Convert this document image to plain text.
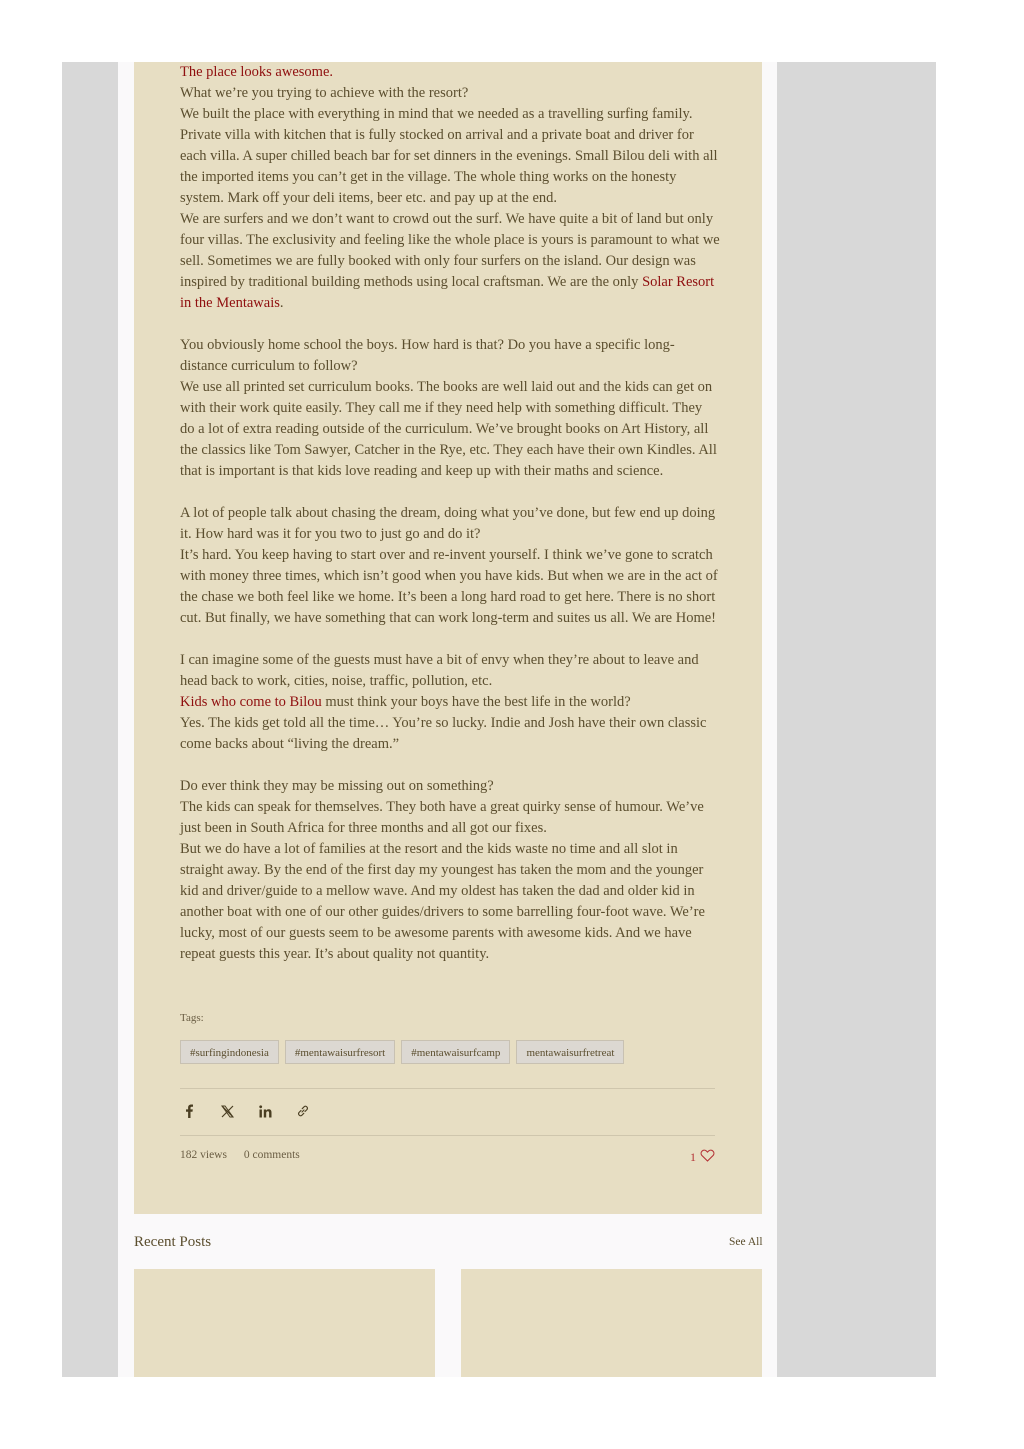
The place looks awesome.

What we’re you trying to achieve with the resort?

We built the place with everything in mind that we needed as a travelling surfing family. Private villa with kitchen that is fully stocked on arrival and a private boat and driver for each villa. A super chilled beach bar for set dinners in the evenings. Small Bilou deli with all the imported items you can’t get in the village. The whole thing works on the honesty system. Mark off your deli items, beer etc. and pay up at the end.

We are surfers and we don’t want to crowd out the surf. We have quite a bit of land but only four villas. The exclusivity and feeling like the whole place is yours is paramount to what we sell. Sometimes we are fully booked with only four surfers on the island. Our design was inspired by traditional building methods using local craftsman. We are the only Solar Resort in the Mentawais.

You obviously home school the boys. How hard is that? Do you have a specific long-distance curriculum to follow?

We use all printed set curriculum books. The books are well laid out and the kids can get on with their work quite easily. They call me if they need help with something difficult. They do a lot of extra reading outside of the curriculum. We’ve brought books on Art History, all the classics like Tom Sawyer, Catcher in the Rye, etc. They each have their own Kindles. All that is important is that kids love reading and keep up with their maths and science.

A lot of people talk about chasing the dream, doing what you’ve done, but few end up doing it. How hard was it for you two to just go and do it?

It’s hard. You keep having to start over and re-invent yourself. I think we’ve gone to scratch with money three times, which isn’t good when you have kids. But when we are in the act of the chase we both feel like we home. It’s been a long hard road to get here. There is no short cut. But finally, we have something that can work long-term and suites us all. We are Home!

I can imagine some of the guests must have a bit of envy when they’re about to leave and head back to work, cities, noise, traffic, pollution, etc.

Kids who come to Bilou must think your boys have the best life in the world?

Yes. The kids get told all the time… You’re so lucky. Indie and Josh have their own classic come backs about “living the dream.”

Do ever think they may be missing out on something?

The kids can speak for themselves. They both have a great quirky sense of humour. We’ve just been in South Africa for three months and all got our fixes.

But we do have a lot of families at the resort and the kids waste no time and all slot in straight away. By the end of the first day my youngest has taken the mom and the younger kid and driver/guide to a mellow wave. And my oldest has taken the dad and older kid in another boat with one of our other guides/drivers to some barrelling four-foot wave. We’re lucky, most of our guests seem to be awesome parents with awesome kids. And we have repeat guests this year. It’s about quality not quantity.

Tags:
#surfingindonesia	#mentawaisurfresort	#mentawaisurfcamp	mentawaisurfretreat
182 views 0 comments	1
Recent Posts	See All
